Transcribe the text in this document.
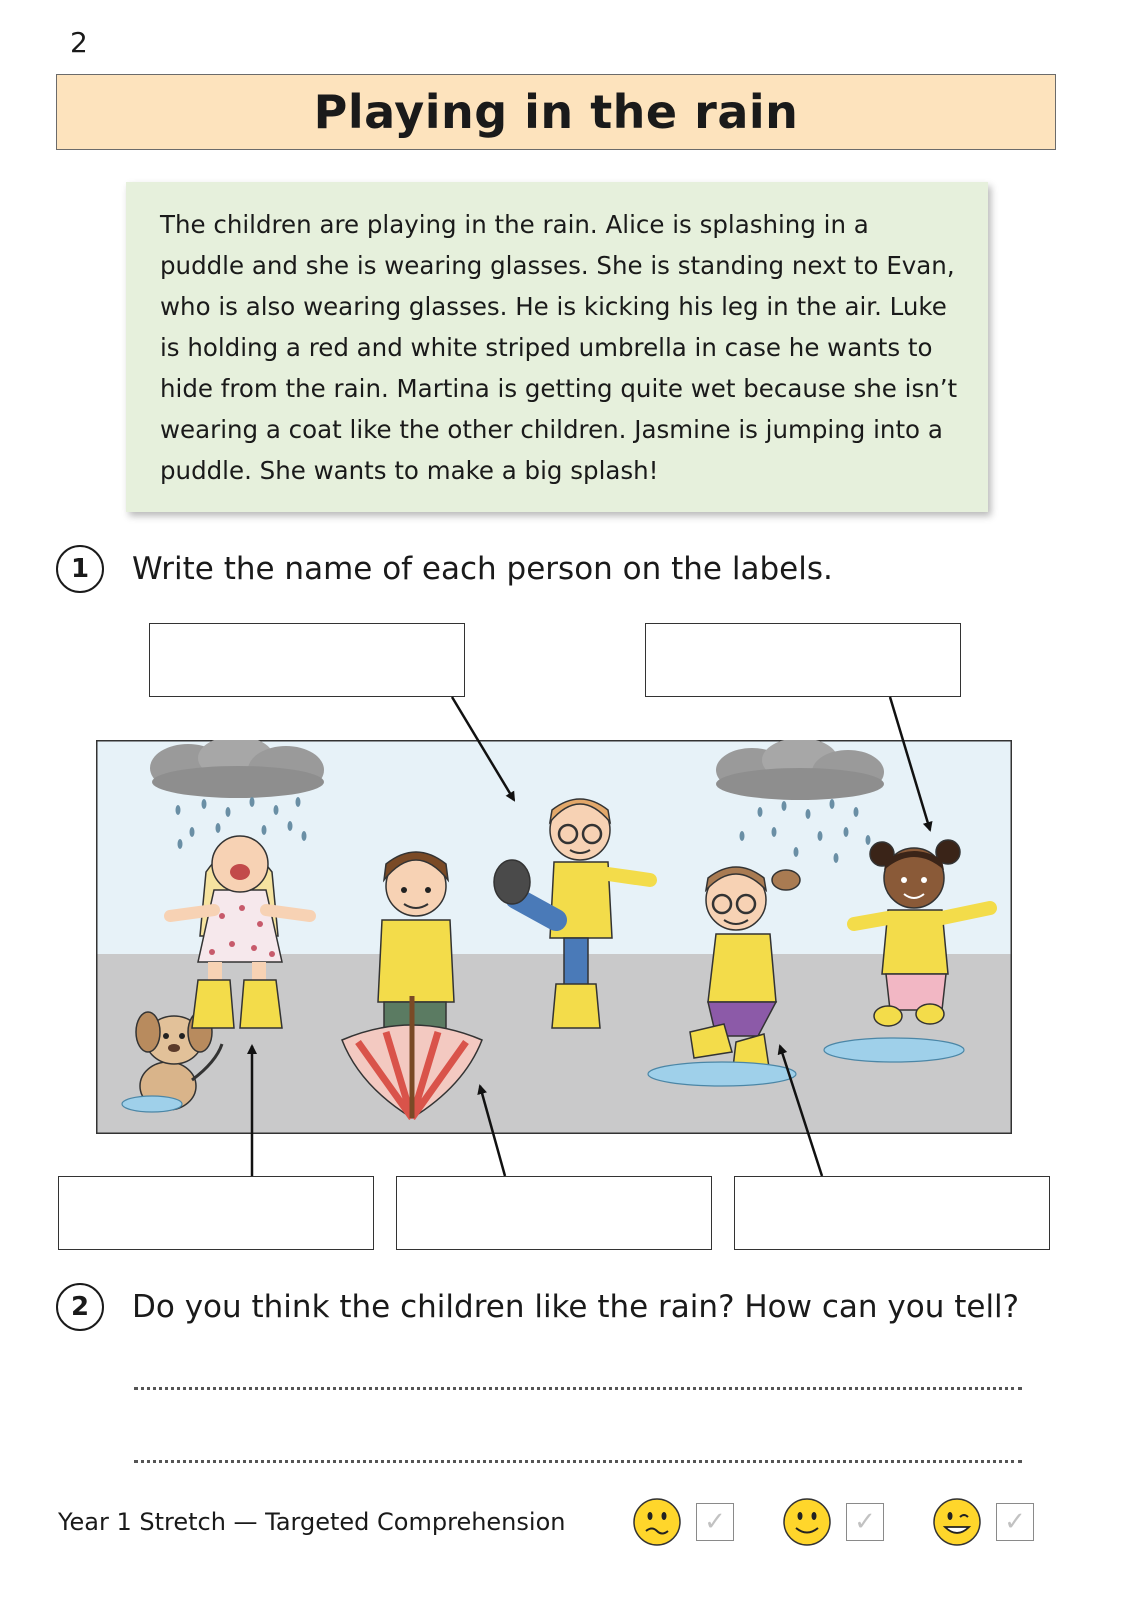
2
Playing in the rain

The children are playing in the rain. Alice is splashing in a puddle and she is wearing glasses. She is standing next to Evan, who is also wearing glasses. He is kicking his leg in the air. Luke is holding a red and white striped umbrella in case he wants to hide from the rain. Martina is getting quite wet because she isn’t wearing a coat like the other children. Jasmine is jumping into a puddle. She wants to make a big splash!

1	Write the name of each person on the labels.
2	Do you think the children like the rain? How can you tell?
Year 1 Stretch — Targeted Comprehension	✓	✓	✓
